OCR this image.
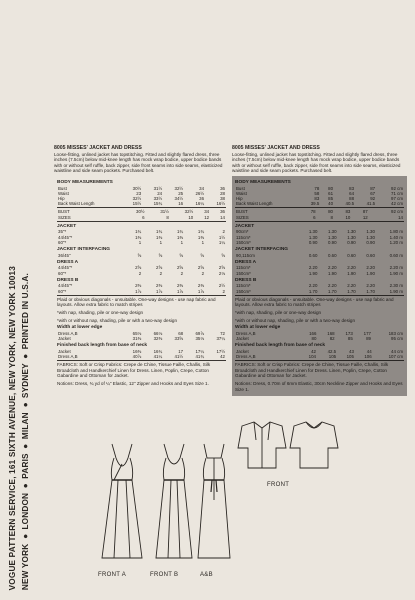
VOGUE PATTERN SERVICE, 161 SIXTH AVENUE, NEW YORK, NEW YORK 10013 NEW YORK ● LONDON ● PARIS ● MILAN ● SYDNEY ● PRINTED IN U.S.A.
8005 MISSES' JACKET AND DRESS

Loose-fitting, unlined jacket has topstitching. Fitted and slightly flared dress, three inches (7.5cm) below mid-knee length has mock wrap bodice, upper bodice bands with or without self ruffle, back zipper, side front seams into side seams, elasticized waistline and side seam pockets. Purchased belt.

BODY MEASUREMENTS
Bust	30½	31½	32½	34	36
Waist	23	24	25	26½	28
Hip	32½	33½	34½	36	38
Back Waist Length	15½	15¾	16	16¼	16½
BUST	30½	31½	32½	34	36
SIZES	6	8	10	12	14
JACKET
35"*	1¾	1¾	1¾	1¾	2
44/45"*	1⅜	1⅜	1⅜	1⅜	1½
60"*	1	1	1	1	1¼
JACKET INTERFACING
36/45"	⅝	⅝	⅝	⅝	⅝
DRESS A
44/45"*	2⅝	2⅝	2⅝	2⅝	2⅝
60"*	2	2	2	2	2⅛
DRESS B
44/45"*	2⅜	2⅜	2⅜	2⅜	2½
60"*	1⅞	1⅞	1⅞	1⅞	2

Plaid or obvious diagonals - unsuitable. One-way designs - use nap fabric and layouts. Allow extra fabric to match stripes

*with nap, shading, pile or one-way design

*with or without nap, shading, pile or with a two-way design

Width at lower edge
Dress A,B	65⅛	66⅛	68	69⅞	72
Jacket	31⅜	32⅜	33⅝	35⅛	37¼
Finished back length from base of neck
Jacket	16⅜	16¾	17	17¼	17½
Dress A,B	40⅞	41¼	41½	41¾	42

FABRICS: Soft or Crisp Fabrics: Crepe de Chine, Tissue Faille, Challis, Silk Broadcloth and Handkerchief Linen for Dress. Linen, Poplin, Crepe, Cotton Gabardine and Ottoman for Jacket.

Notions: Dress, ¾ yd of ¼" Elastic, 12" Zipper and Hooks and Eyes Size 1.

8005 MISSES' JACKET AND DRESS

Loose-fitting, unlined jacket has topstitching. Fitted and slightly flared dress, three inches (7.5cm) below mid-knee length has mock wrap bodice, upper bodice bands with or without self ruffle, back zipper, side front seams into side seams, elasticized waistline and side seam pockets. Purchased belt.

BODY MEASUREMENTS
Bust	78	80	83	87	92 cm
Waist	58	61	64	67	71 cm
Hip	83	85	88	92	97 cm
Back Waist Length	39.5	40	40.5	41.5	42 cm
BUST	78	80	83	87	92 cm
SIZES	6	8	10	12	14
JACKET
90cm*	1.30	1.30	1.30	1.30	1.80 m
115cm*	1.30	1.30	1.30	1.30	1.40 m
150cm*	0.90	0.90	0.90	0.90	1.20 m
JACKET INTERFACING
90,115cm	0.60	0.60	0.60	0.60	0.60 m
DRESS A
115cm*	2.20	2.20	2.20	2.20	2.20 m
150cm*	1.90	1.90	1.90	1.90	1.90 m
DRESS B
115cm*	2.20	2.20	2.20	2.20	2.30 m
150cm*	1.70	1.70	1.70	1.70	1.90 m

Plaid or obvious diagonals - unsuitable. One-way designs - use nap fabric and layouts. Allow extra fabric to match stripes

*with nap, shading, pile or one-way design

*with or without nap, shading, pile or with a two-way design

Width at lower edge
Dress A,B	166	168	173	177	183 cm
Jacket	80	82	85	89	95 cm
Finished back length from base of neck
Jacket	42	42.5	43	44	44 cm
Dress A,B	104	105	105	106	107 cm

FABRICS: Soft or Crisp Fabrics: Crepe de Chine, Tissue Faille, Challis, Silk Broadcloth and Handkerchief Linen for Dress. Linen, Poplin, Crepe, Cotton Gabardine and Ottoman for Jacket.

Notions: Dress, 0.70m of 6mm Elastic, 30cm Neckline Zipper and Hooks and Eyes Size 1.

FRONT A	FRONT B	A&B
FRONT
